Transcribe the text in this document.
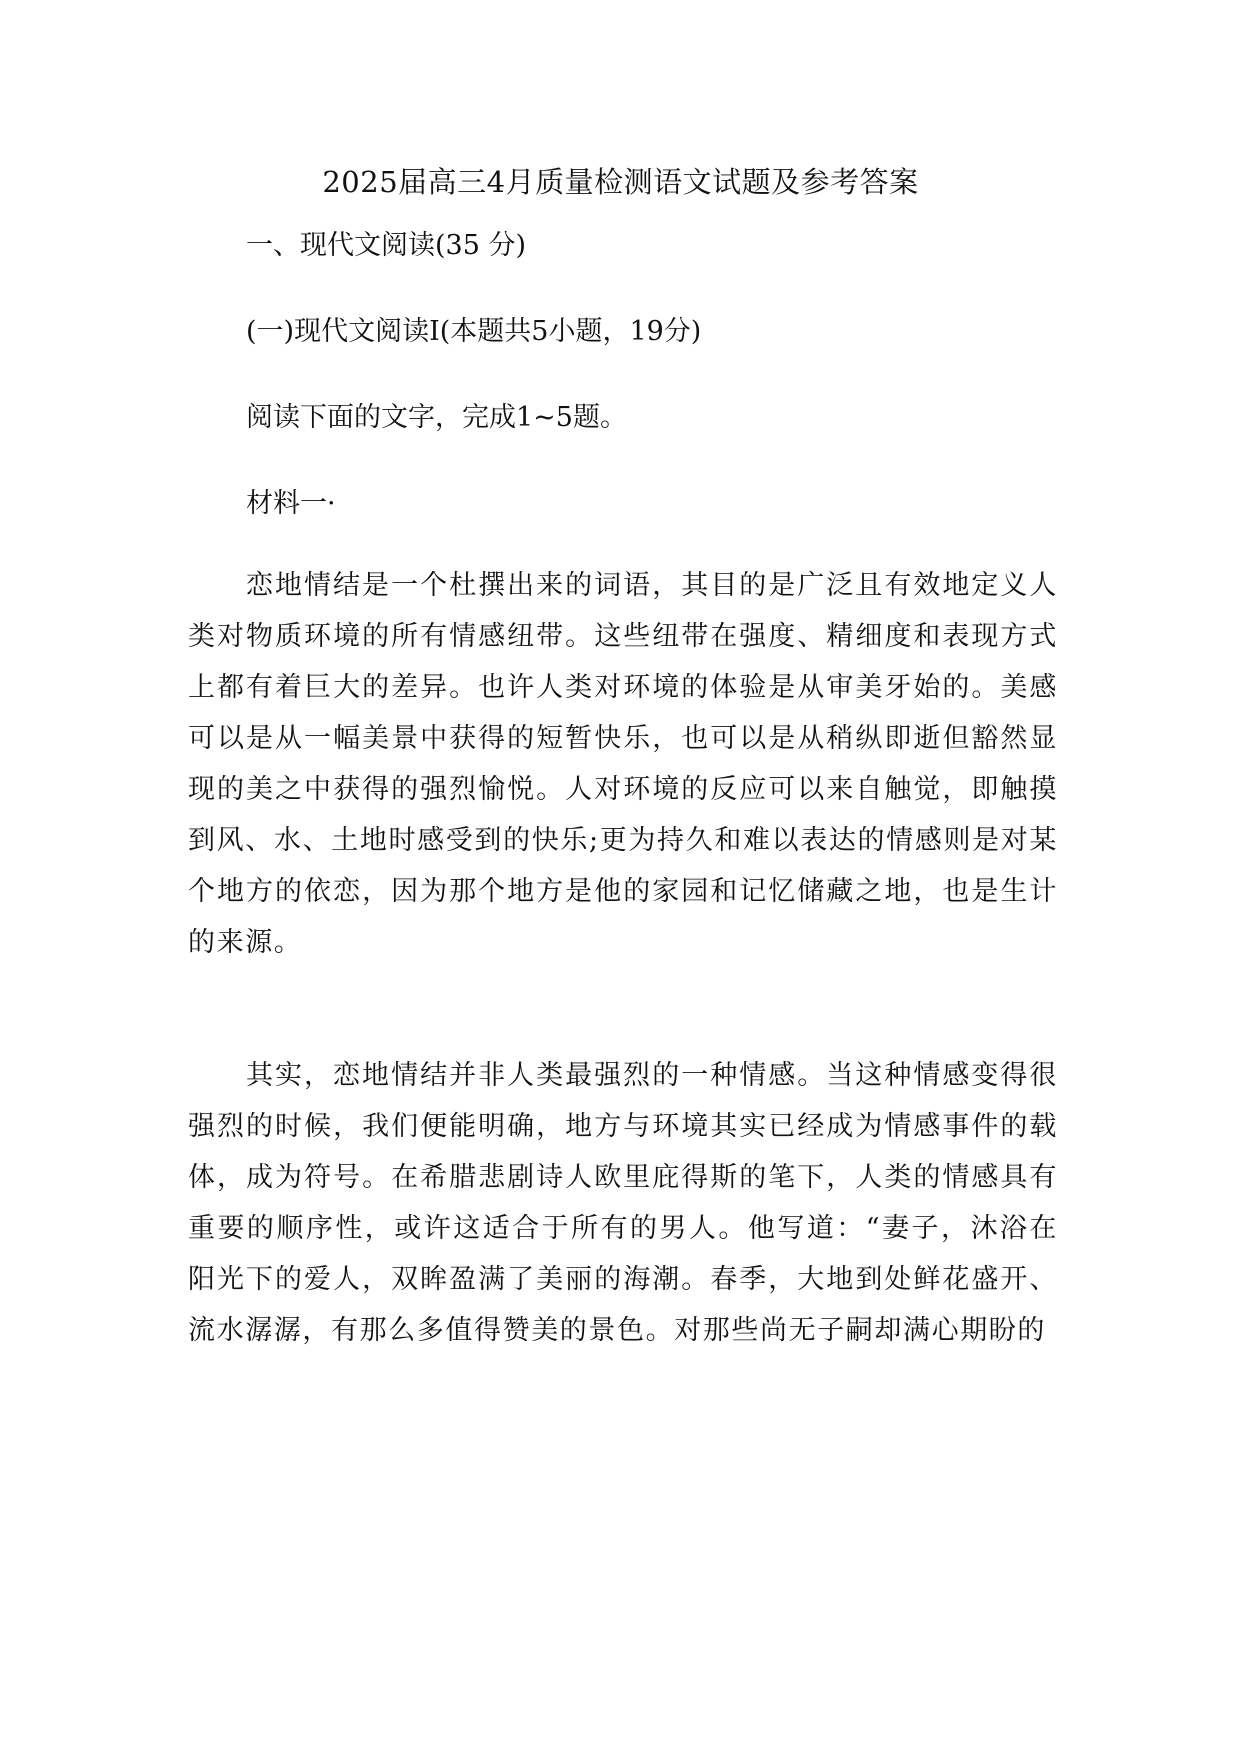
2025届高三4月质量检测语文试题及参考答案
一、现代文阅读(35 分)
(一)现代文阅读Ⅰ(本题共5小题，19分)
阅读下面的文字，完成1~5题。
材料一·
恋地情结是一个杜撰出来的词语，其目的是广泛且有效地定义人类对物质环境的所有情感纽带。这些纽带在强度、精细度和表现方式上都有着巨大的差异。也许人类对环境的体验是从审美牙始的。美感可以是从一幅美景中获得的短暂快乐，也可以是从稍纵即逝但豁然显现的美之中获得的强烈愉悦。人对环境的反应可以来自触觉，即触摸到风、水、土地时感受到的快乐;更为持久和难以表达的情感则是对某个地方的依恋，因为那个地方是他的家园和记忆储藏之地，也是生计的来源。
其实，恋地情结并非人类最强烈的一种情感。当这种情感变得很强烈的时候，我们便能明确，地方与环境其实已经成为情感事件的载体，成为符号。在希腊悲剧诗人欧里庇得斯的笔下，人类的情感具有重要的顺序性，或许这适合于所有的男人。他写道：“妻子，沐浴在阳光下的爱人，双眸盈满了美丽的海潮。春季，大地到处鲜花盛开、流水潺潺，有那么多值得赞美的景色。对那些尚无子嗣却满心期盼的
